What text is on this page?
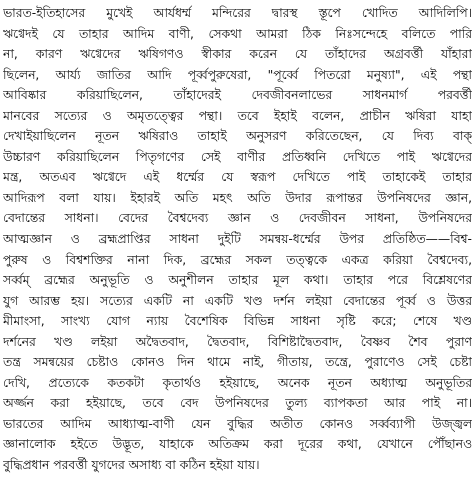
ভারত-ইতিহাসের মুখেই আর্যধর্ম্ম মন্দিরের দ্বারস্থ স্তূপে খোদিত আদিলিপি।
ঋগ্বেদই যে তাহার আদিম বাণী, সেকথা আমরা ঠিক নিঃসন্দেহে বলিতে পারি
না, কারণ ঋগ্বেদের ঋষিগণও স্বীকার করেন যে তাঁহাদের অগ্রবর্ত্তী যাঁহারা
ছিলেন, আর্য্য জাতির আদি পূর্ব্বপুরুষেরা, "পূর্ব্বে পিতরো মনুষ্যা", এই পন্থা
আবিষ্কার করিয়াছিলেন, তাঁহাদেরই দেবজীবনলাভের সাধনমার্গ পরবর্ত্তী
মানবের সত্যের ও অমৃতত্ত্বের পন্থা। তবে ইহাই বলেন, প্রাচীন ঋষিরা যাহা
দেখাইয়াছিলেন নূতন ঋষিরাও তাহাই অনুসরণ করিতেছেন, যে দিব্য বাক্
উচ্চারণ করিয়াছিলেন পিতৃগণের সেই বাণীর প্রতিধ্বনি দেখিতে পাই ঋগ্বেদের
মন্ত্র, অতএব ঋগ্বেদে এই ধর্ম্মের যে স্বরূপ দেখিতে পাই তাহাকেই তাহার
আদিরূপ বলা যায়। ইহারই অতি মহৎ অতি উদার রূপান্তর উপনিষদের জ্ঞান,
বেদান্তের সাধনা। বেদের বৈশ্বদেব্য জ্ঞান ও দেবজীবন সাধনা, উপনিষদের
আত্মজ্ঞান ও ব্রহ্মপ্রাপ্তির সাধনা দুইটি সমন্বয়-ধর্ম্মের উপর প্রতিষ্ঠিত——বিশ্ব-
পুরুষ ও বিশ্বশক্তির নানা দিক, ব্রহ্মের সকল তত্ত্বকে একত্র করিয়া বৈশ্বদেব্য,
সর্ব্বম্ ব্রহ্মের অনুভূতি ও অনুশীলন তাহার মূল কথা। তাহার পরে বিশ্লেষণের
যুগ আরম্ভ হয়। সত্যের একটি না একটি খণ্ড দর্শন লইয়া বেদান্তের পূর্ব্ব ও উত্তর
মীমাংসা, সাংখ্য যোগ ন্যায় বৈশেষিক বিভিন্ন সাধনা সৃষ্টি করে; শেষে খণ্ড
দর্শনের খণ্ড লইয়া অদ্বৈতবাদ, দ্বৈতবাদ, বিশিষ্টাদ্বৈতবাদ, বৈষ্ণব শৈব পুরাণ
তন্ত্র সমন্বয়ের চেষ্টাও কোনও দিন থামে নাই, গীতায়, তন্ত্রে, পুরাণেও সেই চেষ্টা
দেখি, প্রত্যেকে কতকটা কৃতার্থও হইয়াছে, অনেক নূতন অধ্যাত্ম অনুভূতির
অর্জ্জন করা হইয়াছে, তবে বেদ উপনিষদের তুল্য ব্যাপকতা আর পাই না।
ভারতের আদিম আধ্যাত্ম-বাণী যেন বুদ্ধির অতীত কোনও সর্ব্বব্যাপী উজ্জ্বল
জ্ঞানালোক হইতে উদ্ভূত, যাহাকে অতিক্রম করা দূরের কথা, যেখানে পৌঁছানও
বুদ্ধিপ্রধান পরবর্ত্তী যুগদের অসাধ্য বা কঠিন হইয়া যায়।
